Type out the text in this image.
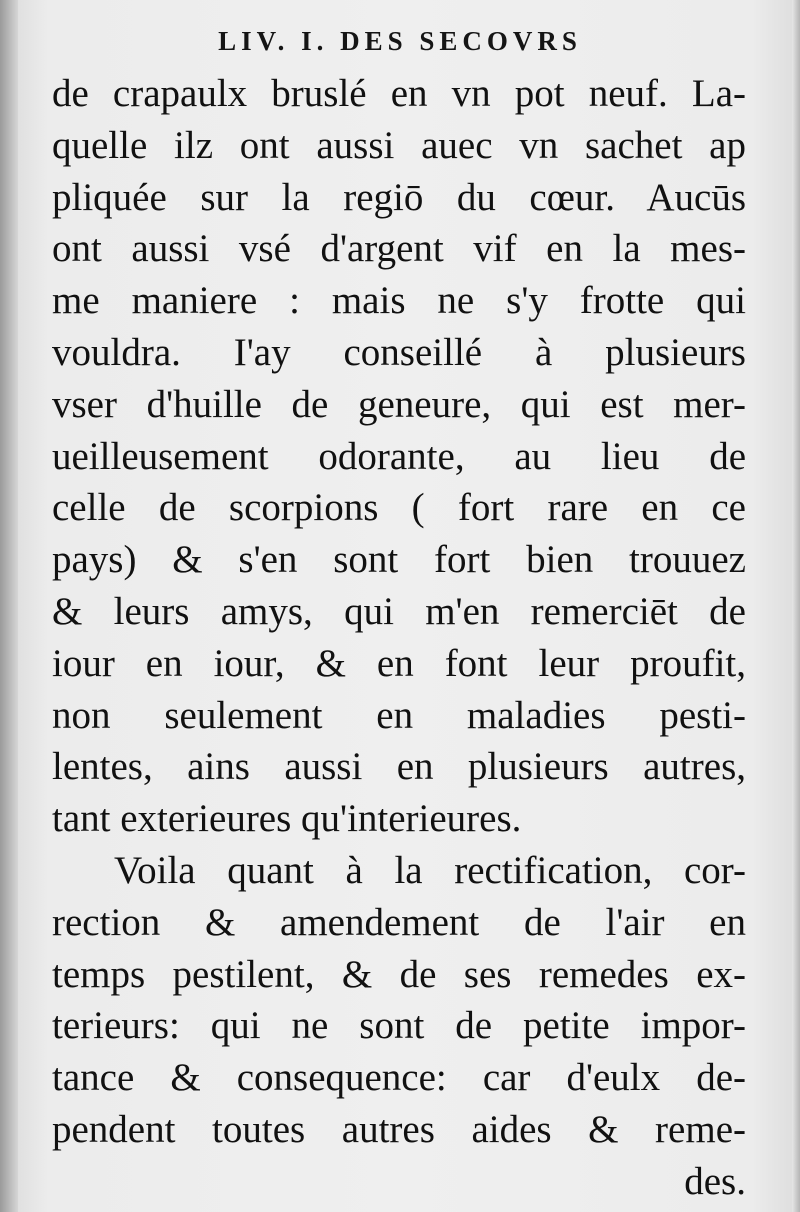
LIV. I. DES SECOVRS
de crapaulx bruslé en vn pot neuf. La-
quelle ilz ont aussi auec vn sachet ap
pliquée sur la regiō du cœur. Aucūs
ont aussi vsé d'argent vif en la mes-
me maniere : mais ne s'y frotte qui
vouldra. I'ay conseillé à plusieurs
vser d'huille de geneure, qui est mer-
ueilleusement odorante, au lieu de
celle de scorpions ( fort rare en ce
pays) & s'en sont fort bien trouuez
& leurs amys, qui m'en remerciēt de
iour en iour, & en font leur proufit,
non seulement en maladies pesti-
lentes, ains aussi en plusieurs autres,
tant exterieures qu'interieures.
Voila quant à la rectification, cor-
rection & amendement de l'air en
temps pestilent, & de ses remedes ex-
terieurs: qui ne sont de petite impor-
tance & consequence: car d'eulx de-
pendent toutes autres aides & reme-
des.
